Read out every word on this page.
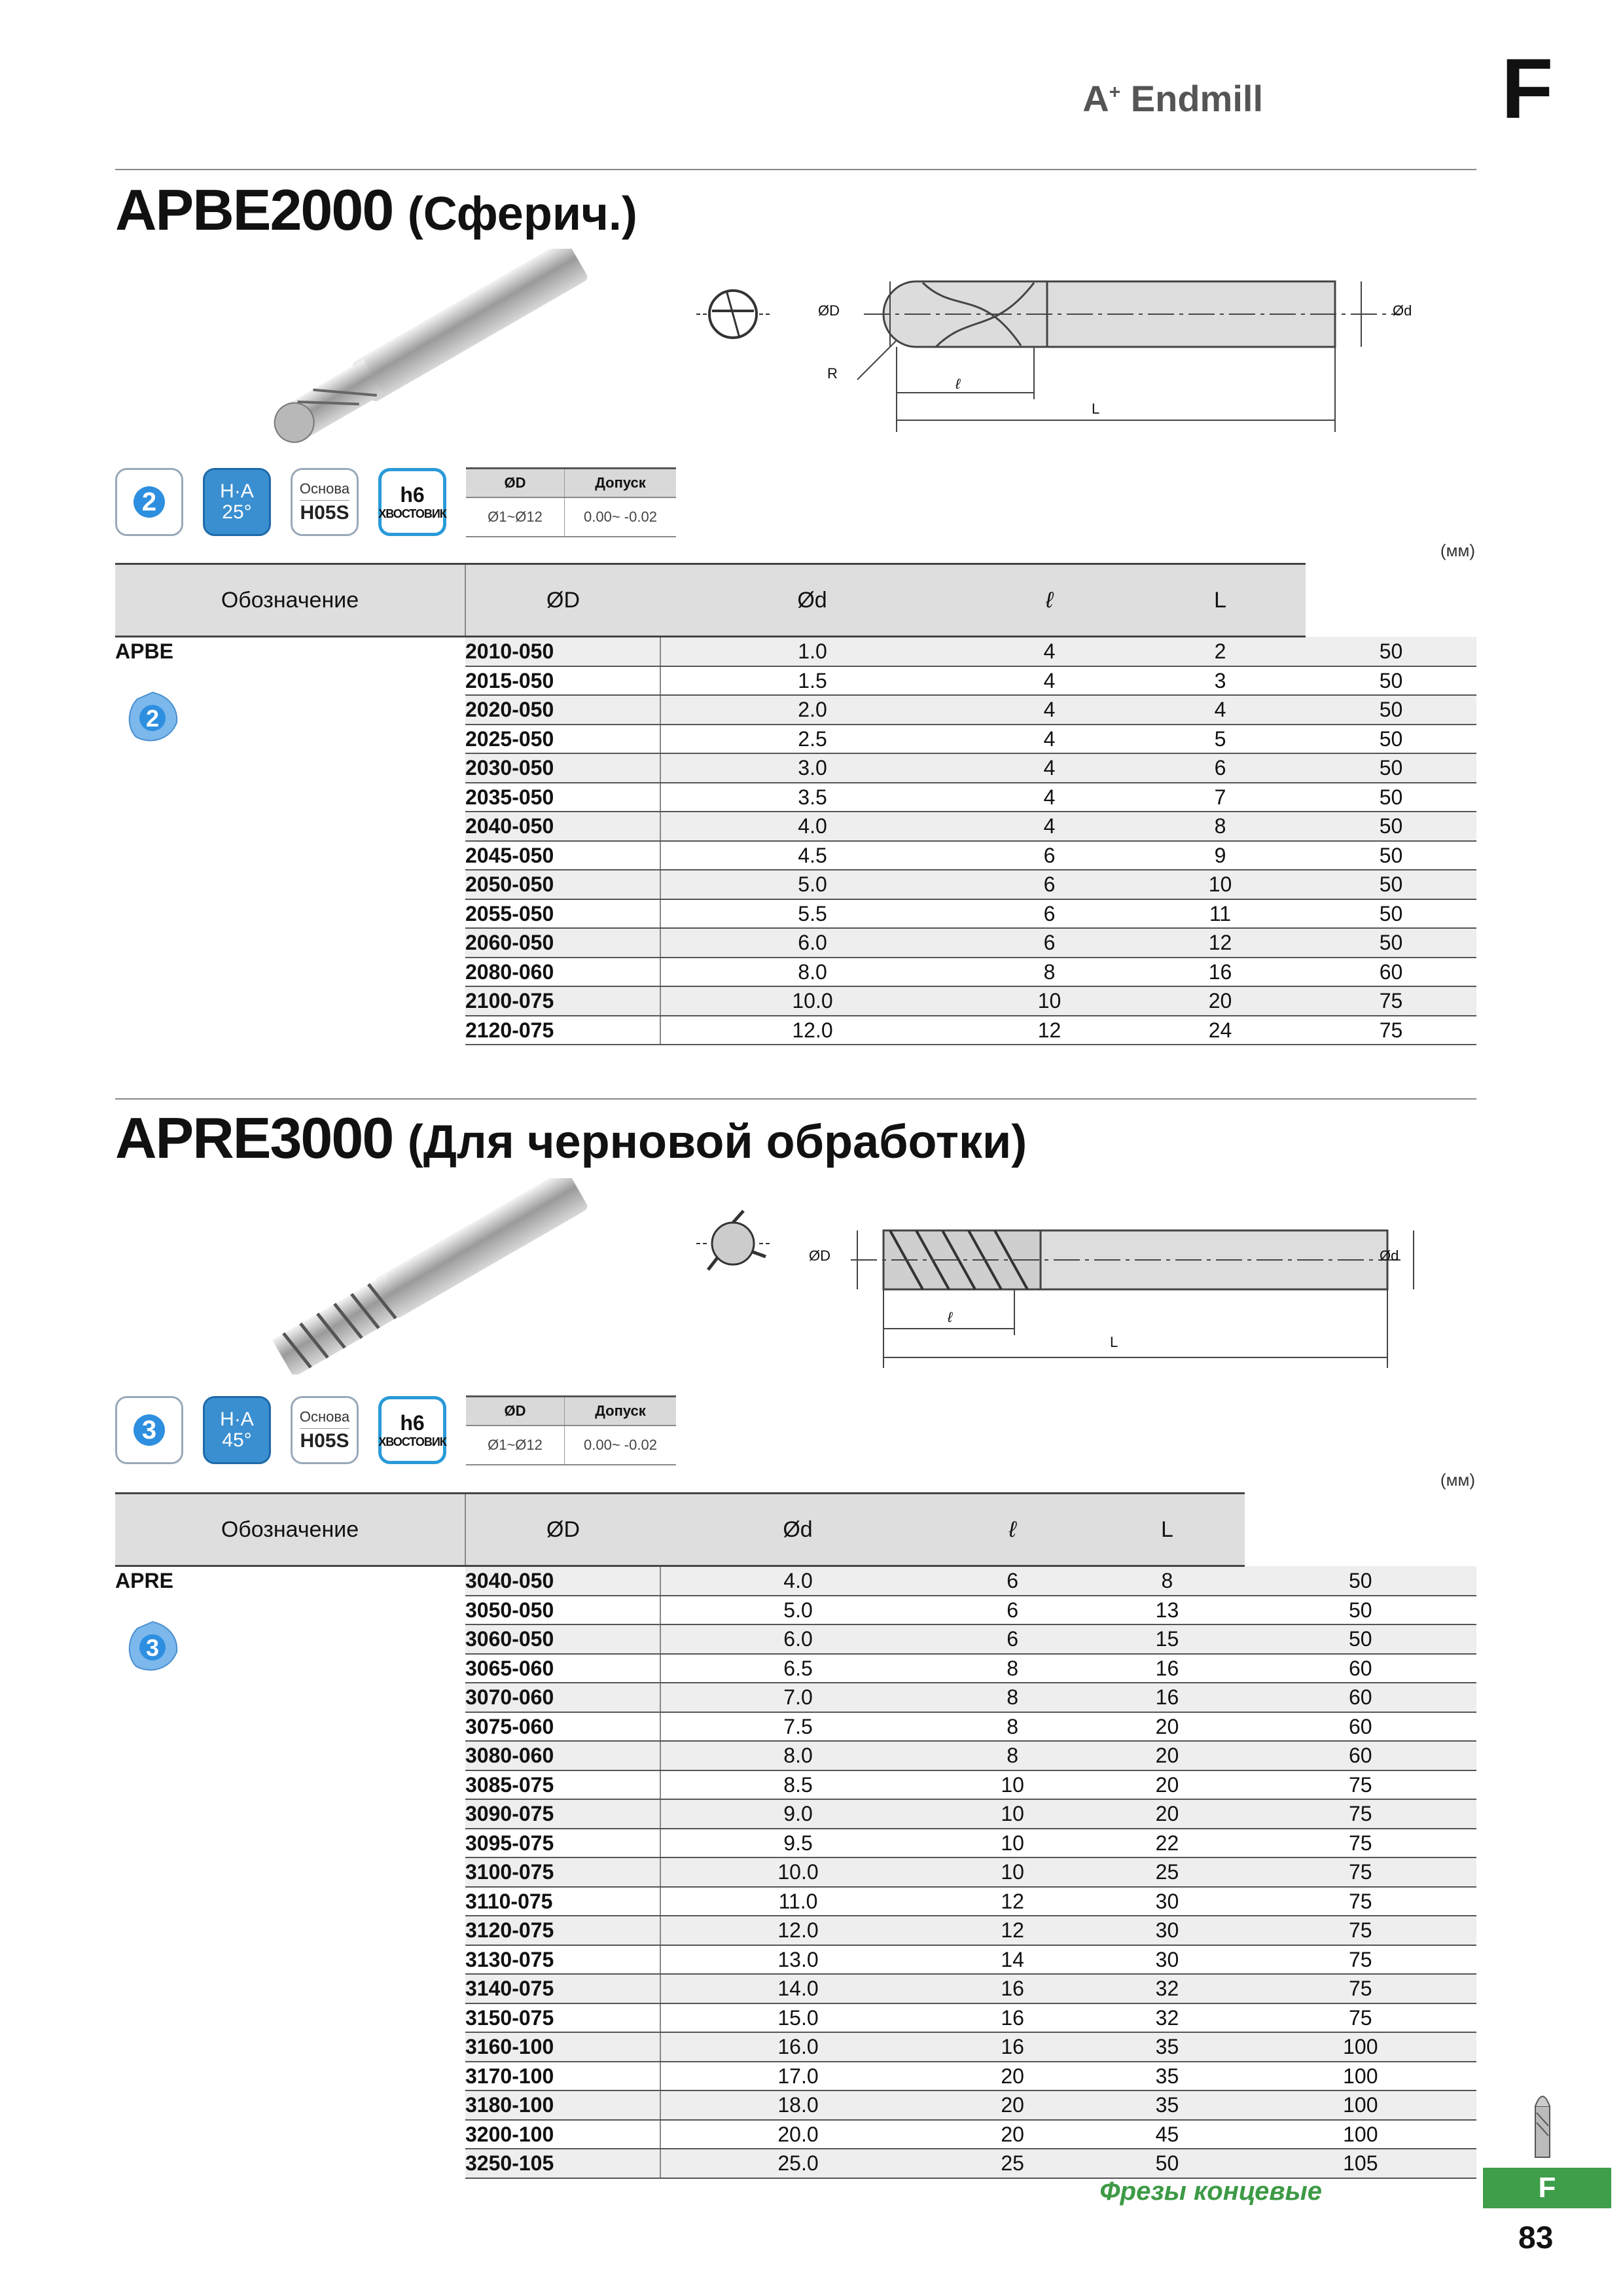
A+ Endmill	F
APBE2000 (Сферич.)
ØD	Ød
R
ℓ
L
2	H·A
25°
Основа
H05S
h6
ХВОСТОВИК
ØD	Допуск
Ø1~Ø12	0.00~ -0.02
(мм)
Обозначение	ØD	Ød	ℓ	L	
APBE
2	2010-050	1.0	4	2	50
	2015-050	1.5	4	3	50
	2020-050	2.0	4	4	50
	2025-050	2.5	4	5	50
	2030-050	3.0	4	6	50
	2035-050	3.5	4	7	50
	2040-050	4.0	4	8	50
	2045-050	4.5	6	9	50
	2050-050	5.0	6	10	50
	2055-050	5.5	6	11	50
	2060-050	6.0	6	12	50
	2080-060	8.0	8	16	60
	2100-075	10.0	10	20	75
	2120-075	12.0	12	24	75
APRE3000 (Для черновой обработки)
ØD	Ød
ℓ
L
3	H·A
45°
Основа
H05S
h6
ХВОСТОВИК
ØD	Допуск
Ø1~Ø12	0.00~ -0.02
(мм)
Обозначение	ØD	Ød	ℓ	L	
APRE
3	3040-050	4.0	6	8	50
	3050-050	5.0	6	13	50
	3060-050	6.0	6	15	50
	3065-060	6.5	8	16	60
	3070-060	7.0	8	16	60
	3075-060	7.5	8	20	60
	3080-060	8.0	8	20	60
	3085-075	8.5	10	20	75
	3090-075	9.0	10	20	75
	3095-075	9.5	10	22	75
	3100-075	10.0	10	25	75
	3110-075	11.0	12	30	75
	3120-075	12.0	12	30	75
	3130-075	13.0	14	30	75
	3140-075	14.0	16	32	75
	3150-075	15.0	16	32	75
	3160-100	16.0	16	35	100
	3170-100	17.0	20	35	100
	3180-100	18.0	20	35	100
	3200-100	20.0	20	45	100
	3250-105	25.0	25	50	105
Фрезы концевые	F
83
